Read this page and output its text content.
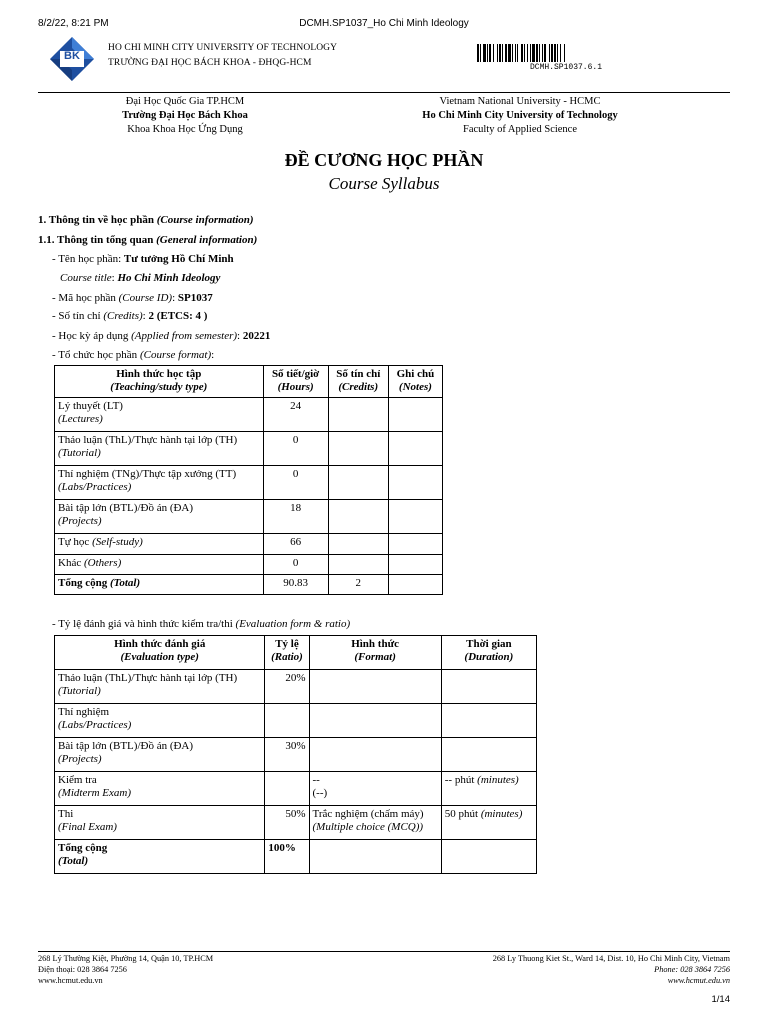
8/2/22, 8:21 PM	DCMH.SP1037_Ho Chi Minh Ideology
BK
HO CHI MINH CITY UNIVERSITY OF TECHNOLOGY
TRƯỜNG ĐẠI HỌC BÁCH KHOA - ĐHQG-HCM	DCMH.SP1037.6.1
Đại Học Quốc Gia TP.HCM
Trường Đại Học Bách Khoa
Khoa Khoa Học Ứng Dụng
Vietnam National University - HCMC
Ho Chi Minh City University of Technology
Faculty of Applied Science
ĐỀ CƯƠNG HỌC PHẦN
Course Syllabus
1. Thông tin về học phần (Course information)
1.1. Thông tin tổng quan (General information)
- Tên học phần: Tư tưởng Hồ Chí Minh
Course title: Ho Chi Minh Ideology
- Mã học phần (Course ID): SP1037
- Số tín chỉ (Credits): 2 (ETCS: 4 )
- Học kỳ áp dụng (Applied from semester): 20221
- Tổ chức học phần (Course format):
Hình thức học tập
(Teaching/study type)	Số tiết/giờ
(Hours)	Số tín chỉ
(Credits)	Ghi chú
(Notes)
Lý thuyết (LT)
(Lectures)	24		
Thảo luận (ThL)/Thực hành tại lớp (TH)
(Tutorial)	0		
Thí nghiệm (TNg)/Thực tập xưởng (TT)
(Labs/Practices)	0		
Bài tập lớn (BTL)/Đồ án (ĐA)
(Projects)	18		
Tự học (Self-study)	66		
Khác (Others)	0		
Tổng cộng (Total)	90.83	2	
- Tỷ lệ đánh giá và hình thức kiểm tra/thi (Evaluation form & ratio)
Hình thức đánh giá
(Evaluation type)	Tỷ lệ
(Ratio)	Hình thức
(Format)	Thời gian
(Duration)
Thảo luận (ThL)/Thực hành tại lớp (TH)
(Tutorial)	20%	

Thí nghiệm
(Labs/Practices)		

Bài tập lớn (BTL)/Đồ án (ĐA)
(Projects)	30%	

Kiểm tra
(Midterm Exam)		--
(--)	-- phút (minutes)
Thi
(Final Exam)	50%	Trắc nghiệm (chấm máy)
(Multiple choice (MCQ))	50 phút (minutes)
Tổng cộng
(Total)	100%		
268 Lý Thường Kiệt, Phường 14, Quận 10, TP.HCM
Điện thoại: 028 3864 7256
www.hcmut.edu.vn
268 Ly Thuong Kiet St., Ward 14, Dist. 10, Ho Chi Minh City, Vietnam
Phone: 028 3864 7256
www.hcmut.edu.vn
1/14
